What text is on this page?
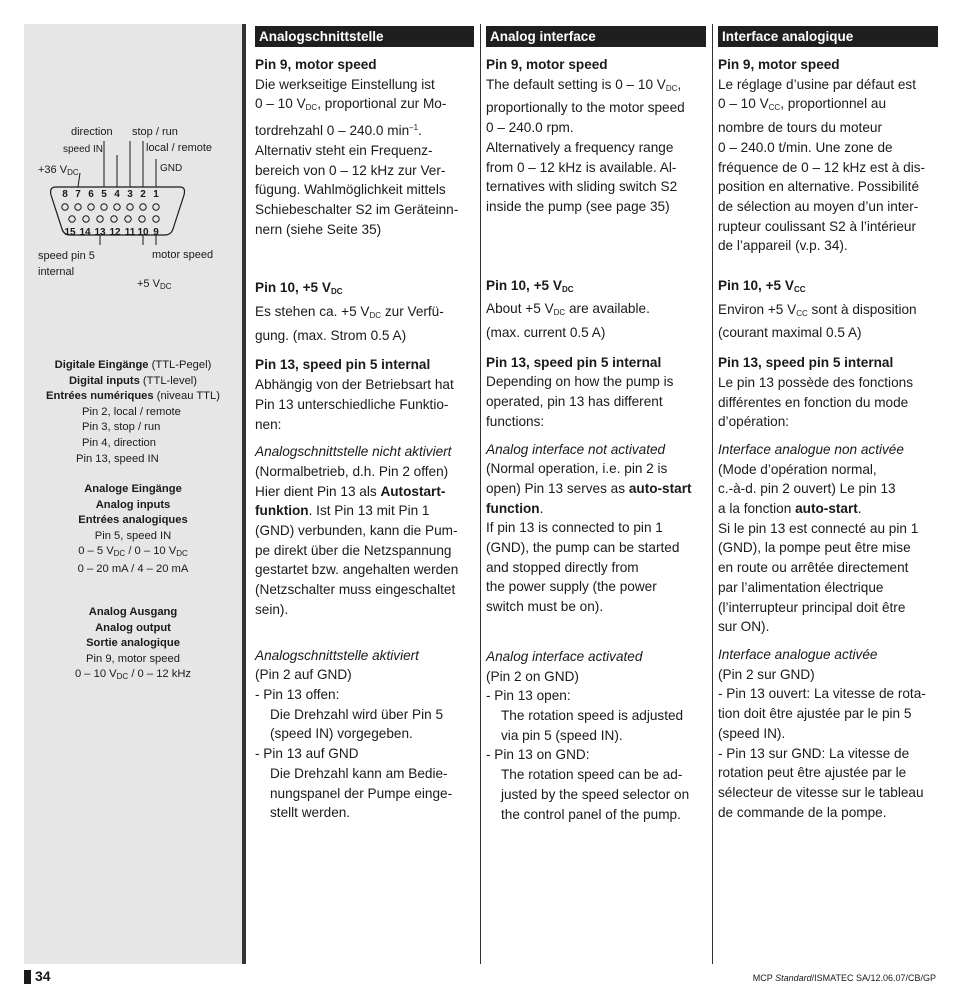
direction stop / run
speed IN	local / remote
+36 $V_{DC}$	GND
8 7 6 5 4 3 2 1
15 14 13 12 11 10 9
speed pin 5
internal
motor speed
+5 $V_{DC}$
Digitale Eingänge (TTL-Pegel)
Digital inputs (TTL-level)
Entrées numériques (niveau TTL)
Pin 2, local / remote
Pin 3, stop / run
Pin 4, direction
Pin 13, speed IN
Analoge Eingänge
Analog inputs
Entrées analogiques
Pin 5, speed IN
0 – 5 $V_{DC} / 0 - 10$ $V_{DC}$
0 – 20 mA / 4 – 20 mA
Analog Ausgang
Analog output
Sortie analogique
Pin 9, motor speed
0 – 10 $V_{DC} / 0 - 12$ kHz
Analogschnittstelle

Pin 9, motor speed

Die werkseitige Einstellung ist

0 – 10 $V_{DC}$, proportional zur Mo-

tordrehzahl 0 – 240.0 $\min^{-1}$.

Alternativ steht ein Frequenz-

bereich von 0 – 12 kHz zur Ver-

fügung. Wahlmöglichkeit mittels

Schiebeschalter S2 im Geräteinn-

nern (siehe Seite 35)

Pin 10, +5 $V_{DC}$

Es stehen ca. +5 $V_{DC}$ zur Verfü-

gung. (max. Strom 0.5 A)

Pin 13, speed pin 5 internal

Abhängig von der Betriebsart hat

Pin 13 unterschiedliche Funktio-

nen:

Analogschnittstelle nicht aktiviert

(Normalbetrieb, d.h. Pin 2 offen)

Hier dient Pin 13 als Autostart-

funktion. Ist Pin 13 mit Pin 1

(GND) verbunden, kann die Pum-

pe direkt über die Netzspannung

gestartet bzw. angehalten werden

(Netzschalter muss eingeschaltet

sein).

Analogschnittstelle aktiviert

(Pin 2 auf GND)

- Pin 13 offen:

Die Drehzahl wird über Pin 5

(speed IN) vorgegeben.

- Pin 13 auf GND

Die Drehzahl kann am Bedie-

nungspanel der Pumpe einge-

stellt werden.

Analog interface

Pin 9, motor speed

The default setting is 0 – 10 $V_{DC}$,

proportionally to the motor speed

0 – 240.0 rpm.

Alternatively a frequency range

from 0 – 12 kHz is available. Al-

ternatives with sliding switch S2

inside the pump (see page 35)

Pin 10, +5 $V_{DC}$

About +5 $V_{DC}$ are available.

(max. current 0.5 A)

Pin 13, speed pin 5 internal

Depending on how the pump is

operated, pin 13 has different

functions:

Analog interface not activated

(Normal operation, i.e. pin 2 is

open) Pin 13 serves as auto-start

function.

If pin 13 is connected to pin 1

(GND), the pump can be started

and stopped directly from

the power supply (the power

switch must be on).

Analog interface activated

(Pin 2 on GND)

- Pin 13 open:

The rotation speed is adjusted

via pin 5 (speed IN).

- Pin 13 on GND:

The rotation speed can be ad-

justed by the speed selector on

the control panel of the pump.

Interface analogique

Pin 9, motor speed

Le réglage d’usine par défaut est

0 – 10 $V_{CC}$, proportionnel au

nombre de tours du moteur

0 – 240.0 t/min. Une zone de

fréquence de 0 – 12 kHz est à dis-

position en alternative. Possibilité

de sélection au moyen d’un inter-

rupteur coulissant S2 à l’intérieur

de l’appareil (v.p. 34).

Pin 10, +5 $V_{CC}$

Environ +5 $V_{CC}$ sont à disposition

(courant maximal 0.5 A)

Pin 13, speed pin 5 internal

Le pin 13 possède des fonctions

différentes en fonction du mode

d’opération:

Interface analogue non activée

(Mode d’opération normal,

c.-à-d. pin 2 ouvert) Le pin 13

a la fonction auto-start.

Si le pin 13 est connecté au pin 1

(GND), la pompe peut être mise

en route ou arrêtée directement

par l’alimentation électrique

(l’interrupteur principal doit être

sur ON).

Interface analogue activée

(Pin 2 sur GND)

- Pin 13 ouvert: La vitesse de rota-

tion doit être ajustée par le pin 5

(speed IN).

- Pin 13 sur GND: La vitesse de

rotation peut être ajustée par le

sélecteur de vitesse sur le tableau

de commande de la pompe.

34	MCP Standard/ISMATEC SA/12.06.07/CB/GP
